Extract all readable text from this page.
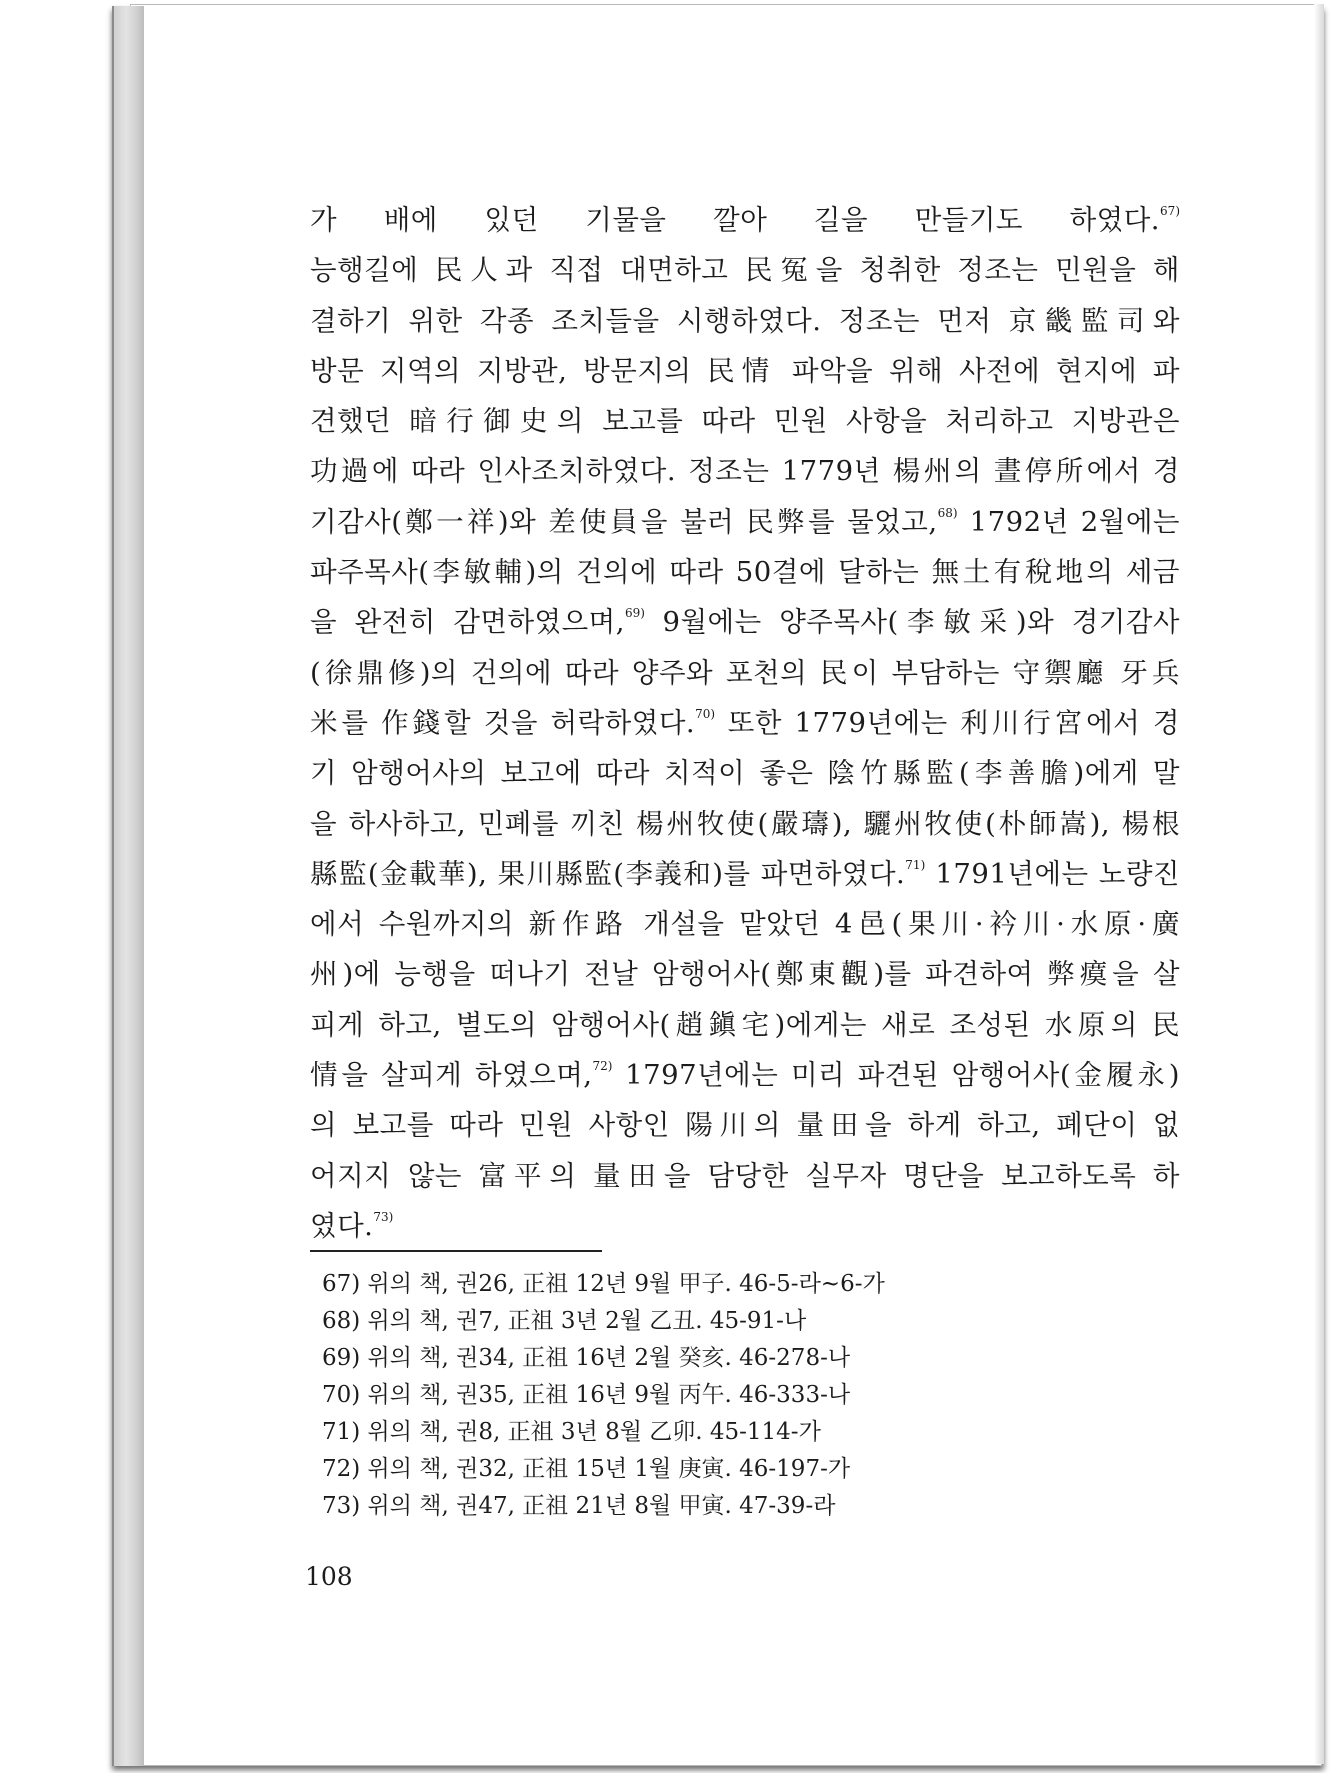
가 배에 있던 기물을 깔아 길을 만들기도 하였다.$^{67)}$
능행길에 民人과 직접 대면하고 民冤을 청취한 정조는 민원을 해
결하기 위한 각종 조치들을 시행하였다. 정조는 먼저 京畿監司와
방문 지역의 지방관, 방문지의 民情 파악을 위해 사전에 현지에 파
견했던 暗行御史의 보고를 따라 민원 사항을 처리하고 지방관은
功過에 따라 인사조치하였다. 정조는 1779년 楊州의 晝停所에서 경
기감사(鄭一祥)와 差使員을 불러 民弊를 물었고,$^{68)}$ 1792년 2월에는
파주목사(李敏輔)의 건의에 따라 50결에 달하는 無土有稅地의 세금
을 완전히 감면하였으며,$^{69)}$ 9월에는 양주목사(李敏采)와 경기감사
(徐鼎修)의 건의에 따라 양주와 포천의 民이 부담하는 守禦廳 牙兵
米를 作錢할 것을 허락하였다.$^{70)}$ 또한 1779년에는 利川行宮에서 경
기 암행어사의 보고에 따라 치적이 좋은 陰竹縣監(李善膽)에게 말
을 하사하고, 민폐를 끼친 楊州牧使(嚴璹), 驪州牧使(朴師嵩), 楊根
縣監(金載華), 果川縣監(李義和)를 파면하였다.$^{71)}$ 1791년에는 노량진
에서 수원까지의 新作路 개설을 맡았던 4邑(果川·衿川·水原·廣
州)에 능행을 떠나기 전날 암행어사(鄭東觀)를 파견하여 弊瘼을 살
피게 하고, 별도의 암행어사(趙鎭宅)에게는 새로 조성된 水原의 民
情을 살피게 하였으며,$^{72)}$ 1797년에는 미리 파견된 암행어사(金履永)
의 보고를 따라 민원 사항인 陽川의 量田을 하게 하고, 폐단이 없
어지지 않는 富平의 量田을 담당한 실무자 명단을 보고하도록 하
였다.$^{73)}$
67) 위의 책, 권26, 正祖 12년 9월 甲子. 46-5-라~6-가
68) 위의 책, 권7, 正祖 3년 2월 乙丑. 45-91-나
69) 위의 책, 권34, 正祖 16년 2월 癸亥. 46-278-나
70) 위의 책, 권35, 正祖 16년 9월 丙午. 46-333-나
71) 위의 책, 권8, 正祖 3년 8월 乙卯. 45-114-가
72) 위의 책, 권32, 正祖 15년 1월 庚寅. 46-197-가
73) 위의 책, 권47, 正祖 21년 8월 甲寅. 47-39-라
108
